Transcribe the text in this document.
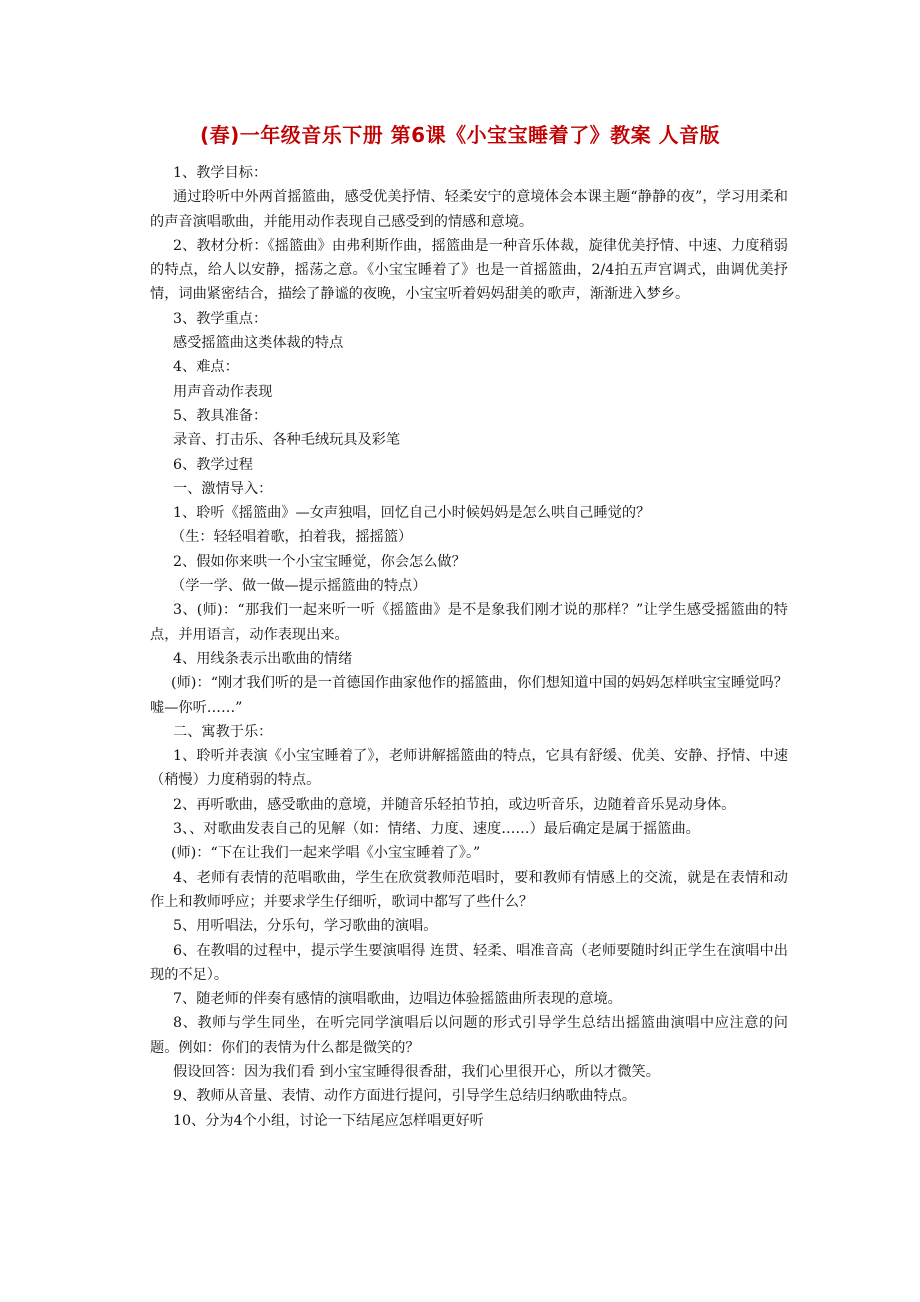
(春)一年级音乐下册 第6课《小宝宝睡着了》教案 人音版

1、教学目标：

通过聆听中外两首摇篮曲，感受优美抒情、轻柔安宁的意境体会本课主题“静静的夜”，学习用柔和的声音演唱歌曲，并能用动作表现自己感受到的情感和意境。

2、教材分析：《摇篮曲》由弗利斯作曲，摇篮曲是一种音乐体裁，旋律优美抒情、中速、力度稍弱的特点，给人以安静，摇荡之意。《小宝宝睡着了》也是一首摇篮曲，2/4拍五声宫调式，曲调优美抒情，词曲紧密结合，描绘了静谧的夜晚，小宝宝听着妈妈甜美的歌声，渐渐进入梦乡。

3、教学重点：

感受摇篮曲这类体裁的特点

4、难点：

用声音动作表现

5、教具准备：

录音、打击乐、各种毛绒玩具及彩笔

6、教学过程

一、激情导入：

1、聆听《摇篮曲》—女声独唱，回忆自己小时候妈妈是怎么哄自己睡觉的？

（生：轻轻唱着歌，拍着我，摇摇篮）

2、假如你来哄一个小宝宝睡觉，你会怎么做？

（学一学、做一做—提示摇篮曲的特点）

3、(师)：“那我们一起来听一听《摇篮曲》是不是象我们刚才说的那样？”让学生感受摇篮曲的特点，并用语言，动作表现出来。

4、用线条表示出歌曲的情绪

(师)：“刚才我们听的是一首德国作曲家他作的摇篮曲，你们想知道中国的妈妈怎样哄宝宝睡觉吗？嘘—你听……”

二、寓教于乐：

1、聆听并表演《小宝宝睡着了》，老师讲解摇篮曲的特点，它具有舒缓、优美、安静、抒情、中速（稍慢）力度稍弱的特点。

2、再听歌曲，感受歌曲的意境，并随音乐轻拍节拍，或边听音乐，边随着音乐晃动身体。

3、、对歌曲发表自己的见解（如：情绪、力度、速度……）最后确定是属于摇篮曲。

(师)：“下在让我们一起来学唱《小宝宝睡着了》。”

4、老师有表情的范唱歌曲，学生在欣赏教师范唱时，要和教师有情感上的交流，就是在表情和动作上和教师呼应；并要求学生仔细听，歌词中都写了些什么？

5、用听唱法，分乐句，学习歌曲的演唱。

6、在教唱的过程中，提示学生要演唱得 连贯、轻柔、唱准音高（老师要随时纠正学生在演唱中出现的不足）。

7、随老师的伴奏有感情的演唱歌曲，边唱边体验摇篮曲所表现的意境。

8、教师与学生同坐，在听完同学演唱后以问题的形式引导学生总结出摇篮曲演唱中应注意的问题。例如：你们的表情为什么都是微笑的？

假设回答：因为我们看 到小宝宝睡得很香甜，我们心里很开心，所以才微笑。

9、教师从音量、表情、动作方面进行提问，引导学生总结归纳歌曲特点。

10、分为4个小组，讨论一下结尾应怎样唱更好听
